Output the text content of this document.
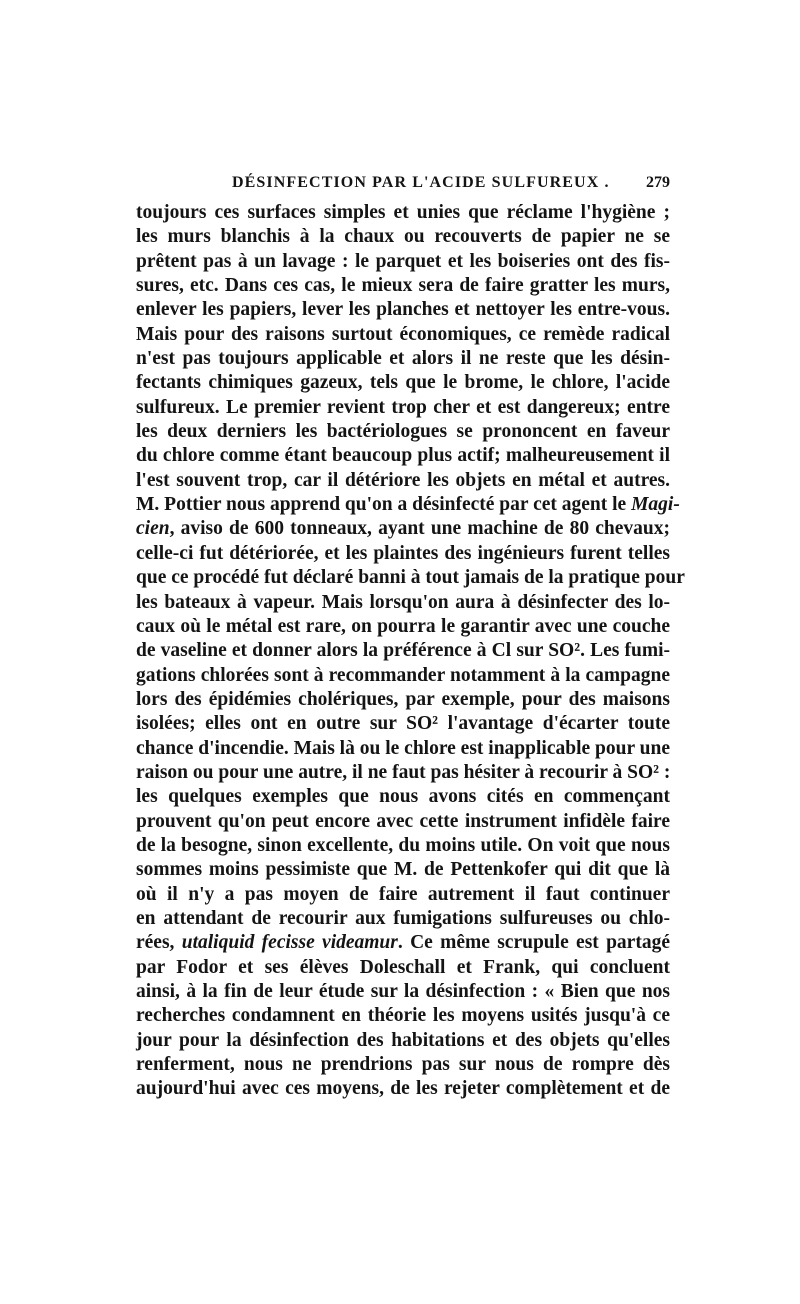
DÉSINFECTION PAR L'ACIDE SULFUREUX . 279
toujours ces surfaces simples et unies que réclame l'hygiène ;
les murs blanchis à la chaux ou recouverts de papier ne se
prêtent pas à un lavage : le parquet et les boiseries ont des fis-
sures, etc. Dans ces cas, le mieux sera de faire gratter les murs,
enlever les papiers, lever les planches et nettoyer les entre-vous.
Mais pour des raisons surtout économiques, ce remède radical
n'est pas toujours applicable et alors il ne reste que les désin-
fectants chimiques gazeux, tels que le brome, le chlore, l'acide
sulfureux. Le premier revient trop cher et est dangereux; entre
les deux derniers les bactériologues se prononcent en faveur
du chlore comme étant beaucoup plus actif; malheureusement il
l'est souvent trop, car il détériore les objets en métal et autres.
M. Pottier nous apprend qu'on a désinfecté par cet agent le Magi-
cien, aviso de 600 tonneaux, ayant une machine de 80 chevaux;
celle-ci fut détériorée, et les plaintes des ingénieurs furent telles
que ce procédé fut déclaré banni à tout jamais de la pratique pour
les bateaux à vapeur. Mais lorsqu'on aura à désinfecter des lo-
caux où le métal est rare, on pourra le garantir avec une couche
de vaseline et donner alors la préférence à Cl sur SO². Les fumi-
gations chlorées sont à recommander notamment à la campagne
lors des épidémies cholériques, par exemple, pour des maisons
isolées; elles ont en outre sur SO² l'avantage d'écarter toute
chance d'incendie. Mais là ou le chlore est inapplicable pour une
raison ou pour une autre, il ne faut pas hésiter à recourir à SO² :
les quelques exemples que nous avons cités en commençant
prouvent qu'on peut encore avec cette instrument infidèle faire
de la besogne, sinon excellente, du moins utile. On voit que nous
sommes moins pessimiste que M. de Pettenkofer qui dit que là
où il n'y a pas moyen de faire autrement il faut continuer
en attendant de recourir aux fumigations sulfureuses ou chlo-
rées, utaliquid fecisse videamur. Ce même scrupule est partagé
par Fodor et ses élèves Doleschall et Frank, qui concluent
ainsi, à la fin de leur étude sur la désinfection : « Bien que nos
recherches condamnent en théorie les moyens usités jusqu'à ce
jour pour la désinfection des habitations et des objets qu'elles
renferment, nous ne prendrions pas sur nous de rompre dès
aujourd'hui avec ces moyens, de les rejeter complètement et de
